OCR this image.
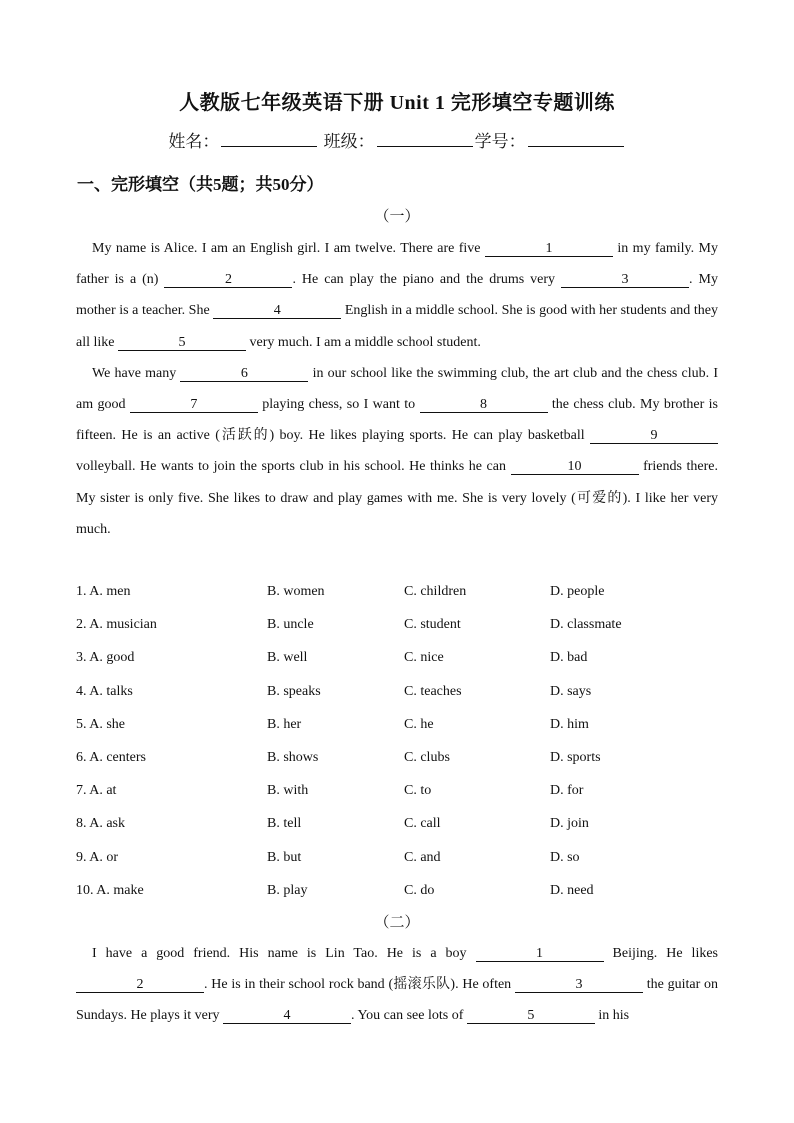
人教版七年级英语下册 Unit 1 完形填空专题训练
姓名：	班级：	学号：
一、完形填空（共5题；共50分）
（一）

My name is Alice. I am an English girl. I am twelve. There are five	1	in my family. My father is a (n)	2	. He can play the piano and the drums very	3	. My mother is a teacher. She	4	English in a middle school. She is good with her students and they all like	5	very much. I am a middle school student.

We have many	6	in our school like the swimming club, the art club and the chess club. I am good	7	playing chess, so I want to	8	the chess club. My brother is fifteen. He is an active (活跃的) boy. He likes playing sports. He can play basketball	9 volleyball. He wants to join the sports club in his school. He thinks he can	10	friends there. My sister is only five. She likes to draw and play games with me. She is very lovely (可爱的). I like her very much.

1. A. men	B. women	C. children	D. people
2. A. musician	B. uncle	C. student	D. classmate
3. A. good	B. well	C. nice	D. bad
4. A. talks	B. speaks	C. teaches	D. says
5. A. she	B. her	C. he	D. him
6. A. centers	B. shows	C. clubs	D. sports
7. A. at	B. with	C. to	D. for
8. A. ask	B. tell	C. call	D. join
9. A. or	B. but	C. and	D. so
10. A. make	B. play	C. do	D. need
（二）

I have a good friend. His name is Lin Tao. He is a boy	1	Beijing. He likes 2	. He is in their school rock band (摇滚乐队). He often	3	the guitar on Sundays. He plays it very	4	. You can see lots of	5	in his
